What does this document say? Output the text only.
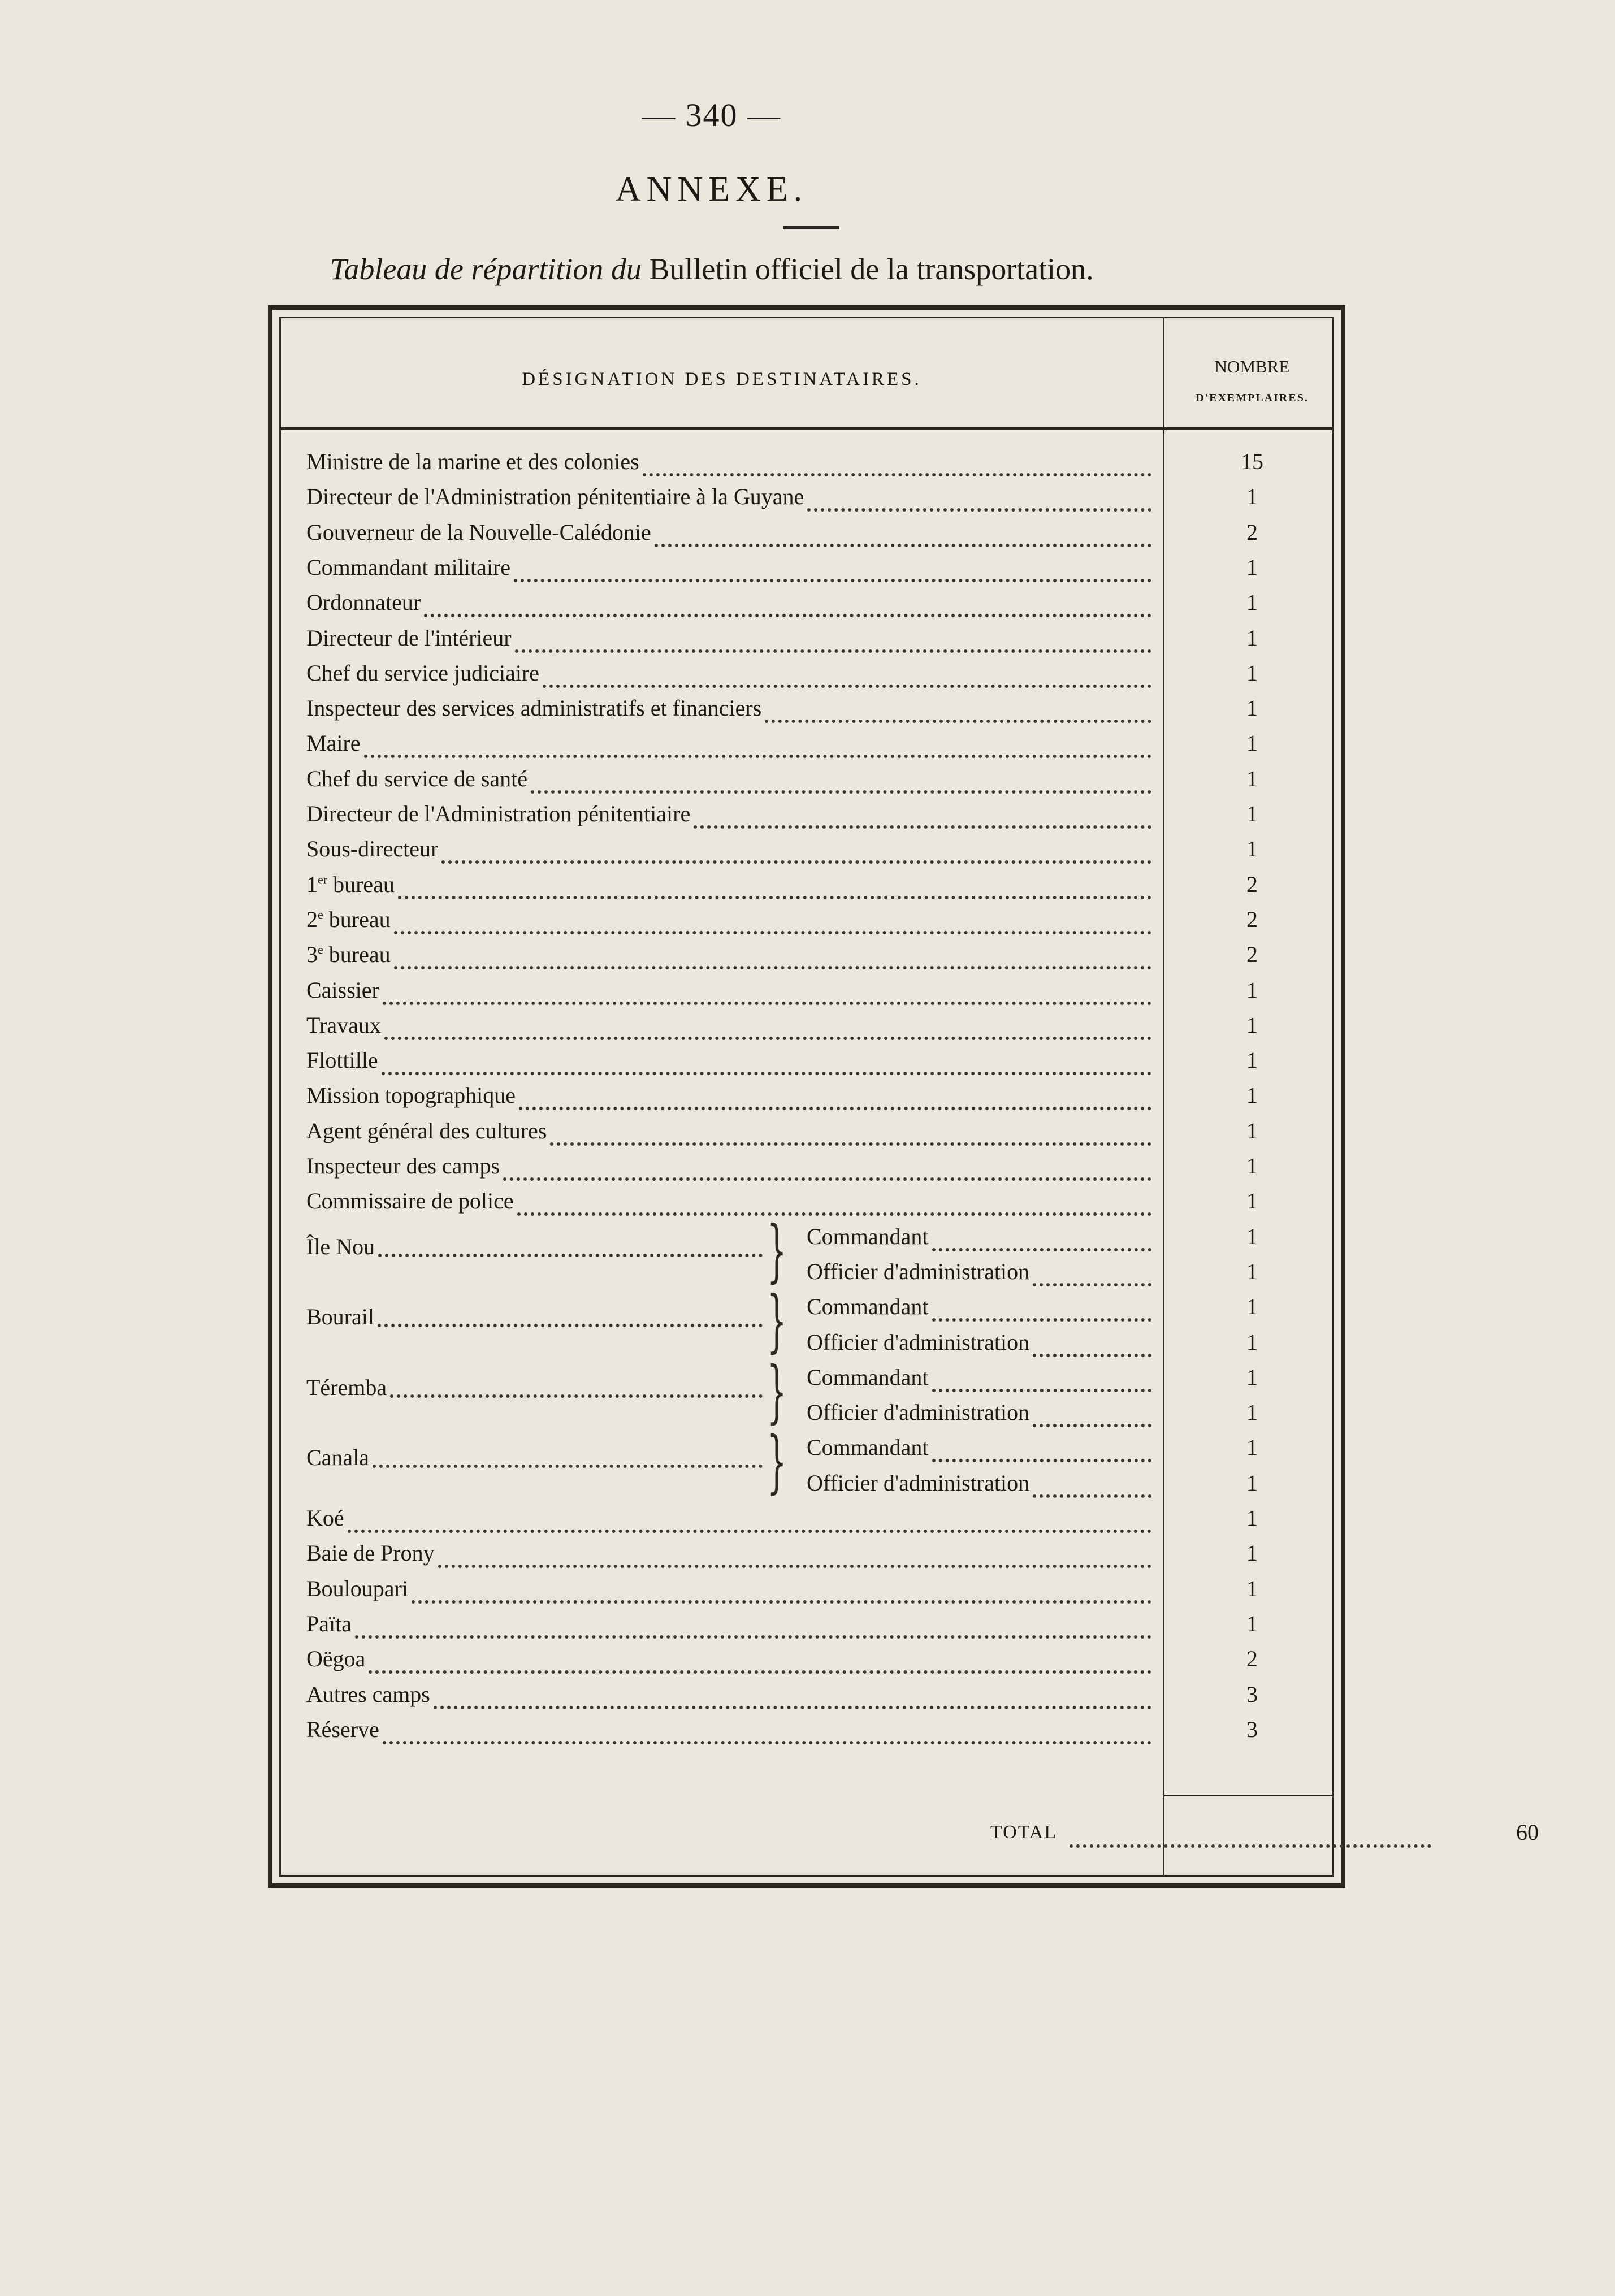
— 340 —
ANNEXE.
Tableau de répartition du Bulletin officiel de la transportation.
DÉSIGNATION DES DESTINATAIRES.
NOMBRE
D'EXEMPLAIRES.
Ministre de la marine et des colonies	15
Directeur de l'Administration pénitentiaire à la Guyane	1
Gouverneur de la Nouvelle-Calédonie	2
Commandant militaire	1
Ordonnateur	1
Directeur de l'intérieur	1
Chef du service judiciaire	1
Inspecteur des services administratifs et financiers	1
Maire	1
Chef du service de santé	1
Directeur de l'Administration pénitentiaire	1
Sous-directeur	1
1er bureau	2
2e bureau	2
3e bureau	2
Caissier	1
Travaux	1
Flottille	1
Mission topographique	1
Agent général des cultures	1
Inspecteur des camps	1
Commissaire de police	1
Île Nou	} Commandant	1
Officier d'administration	1
Bourail	} Commandant	1
Officier d'administration	1
Téremba	} Commandant	1
Officier d'administration	1
Canala	} Commandant	1
Officier d'administration	1
Koé	1
Baie de Prony	1
Bouloupari	1
Païta	1
Oëgoa	2
Autres camps	3
Réserve	3
TOTAL	60
